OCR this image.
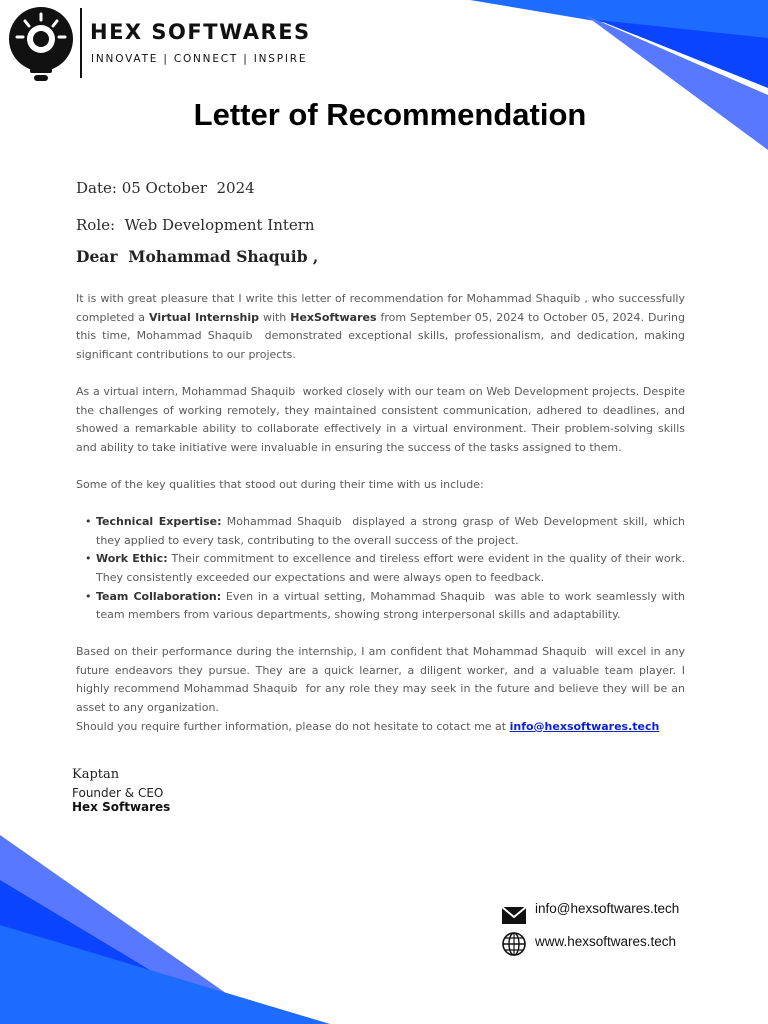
HEX SOFTWARES
INNOVATE | CONNECT | INSPIRE
Letter of Recommendation
Date: 05 October  2024
Role:  Web Development Intern
Dear  Mohammad Shaquib ,

It is with great pleasure that I write this letter of recommendation for Mohammad Shaquib , who successfully completed a Virtual Internship with HexSoftwares from September 05, 2024 to October 05, 2024. During this time, Mohammad Shaquib  demonstrated exceptional skills, professionalism, and dedication, making significant contributions to our projects.

As a virtual intern, Mohammad Shaquib  worked closely with our team on Web Development projects. Despite the challenges of working remotely, they maintained consistent communication, adhered to deadlines, and showed a remarkable ability to collaborate effectively in a virtual environment. Their problem-solving skills and ability to take initiative were invaluable in ensuring the success of the tasks assigned to them.

Some of the key qualities that stood out during their time with us include:

• Technical Expertise: Mohammad Shaquib  displayed a strong grasp of Web Development skill, which they applied to every task, contributing to the overall success of the project.
• Work Ethic: Their commitment to excellence and tireless effort were evident in the quality of their work. They consistently exceeded our expectations and were always open to feedback.
• Team Collaboration: Even in a virtual setting, Mohammad Shaquib  was able to work seamlessly with team members from various departments, showing strong interpersonal skills and adaptability.

Based on their performance during the internship, I am confident that Mohammad Shaquib  will excel in any future endeavors they pursue. They are a quick learner, a diligent worker, and a valuable team player. I highly recommend Mohammad Shaquib  for any role they may seek in the future and believe they will be an asset to any organization.

Should you require further information, please do not hesitate to cotact me at info@hexsoftwares.tech

Kaptan
Founder & CEO
Hex Softwares
info@hexsoftwares.tech
www.hexsoftwares.tech
